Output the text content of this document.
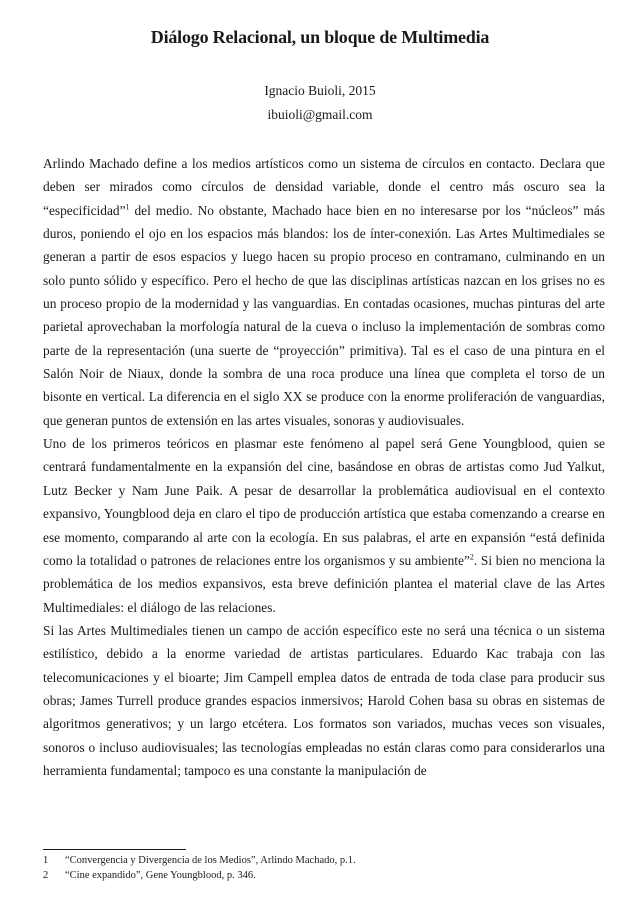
Diálogo Relacional, un bloque de Multimedia
Ignacio Buioli, 2015
ibuioli@gmail.com

Arlindo Machado define a los medios artísticos como un sistema de círculos en contacto. Declara que deben ser mirados como círculos de densidad variable, donde el centro más oscuro sea la “especificidad”$^1$ del medio. No obstante, Machado hace bien en no interesarse por los “núcleos” más duros, poniendo el ojo en los espacios más blandos: los de ínter-conexión. Las Artes Multimediales se generan a partir de esos espacios y luego hacen su propio proceso en contramano, culminando en un solo punto sólido y específico. Pero el hecho de que las disciplinas artísticas nazcan en los grises no es un proceso propio de la modernidad y las vanguardias. En contadas ocasiones, muchas pinturas del arte parietal aprovechaban la morfología natural de la cueva o incluso la implementación de sombras como parte de la representación (una suerte de “proyección” primitiva). Tal es el caso de una pintura en el Salón Noir de Niaux, donde la sombra de una roca produce una línea que completa el torso de un bisonte en vertical. La diferencia en el siglo XX se produce con la enorme proliferación de vanguardias, que generan puntos de extensión en las artes visuales, sonoras y audiovisuales.

Uno de los primeros teóricos en plasmar este fenómeno al papel será Gene Youngblood, quien se centrará fundamentalmente en la expansión del cine, basándose en obras de artistas como Jud Yalkut, Lutz Becker y Nam June Paik. A pesar de desarrollar la problemática audiovisual en el contexto expansivo, Youngblood deja en claro el tipo de producción artística que estaba comenzando a crearse en ese momento, comparando al arte con la ecología. En sus palabras, el arte en expansión “está definida como la totalidad o patrones de relaciones entre los organismos y su ambiente”$^2$. Si bien no menciona la problemática de los medios expansivos, esta breve definición plantea el material clave de las Artes Multimediales: el diálogo de las relaciones.

Si las Artes Multimediales tienen un campo de acción específico este no será una técnica o un sistema estilístico, debido a la enorme variedad de artistas particulares. Eduardo Kac trabaja con las telecomunicaciones y el bioarte; Jim Campell emplea datos de entrada de toda clase para producir sus obras; James Turrell produce grandes espacios inmersivos; Harold Cohen basa su obras en sistemas de algoritmos generativos; y un largo etcétera. Los formatos son variados, muchas veces son visuales, sonoros o incluso audiovisuales; las tecnologías empleadas no están claras como para considerarlos una herramienta fundamental; tampoco es una constante la manipulación de

1	“Convergencia y Divergencia de los Medios”, Arlindo Machado, p.1.
2	“Cine expandido”, Gene Youngblood, p. 346.
